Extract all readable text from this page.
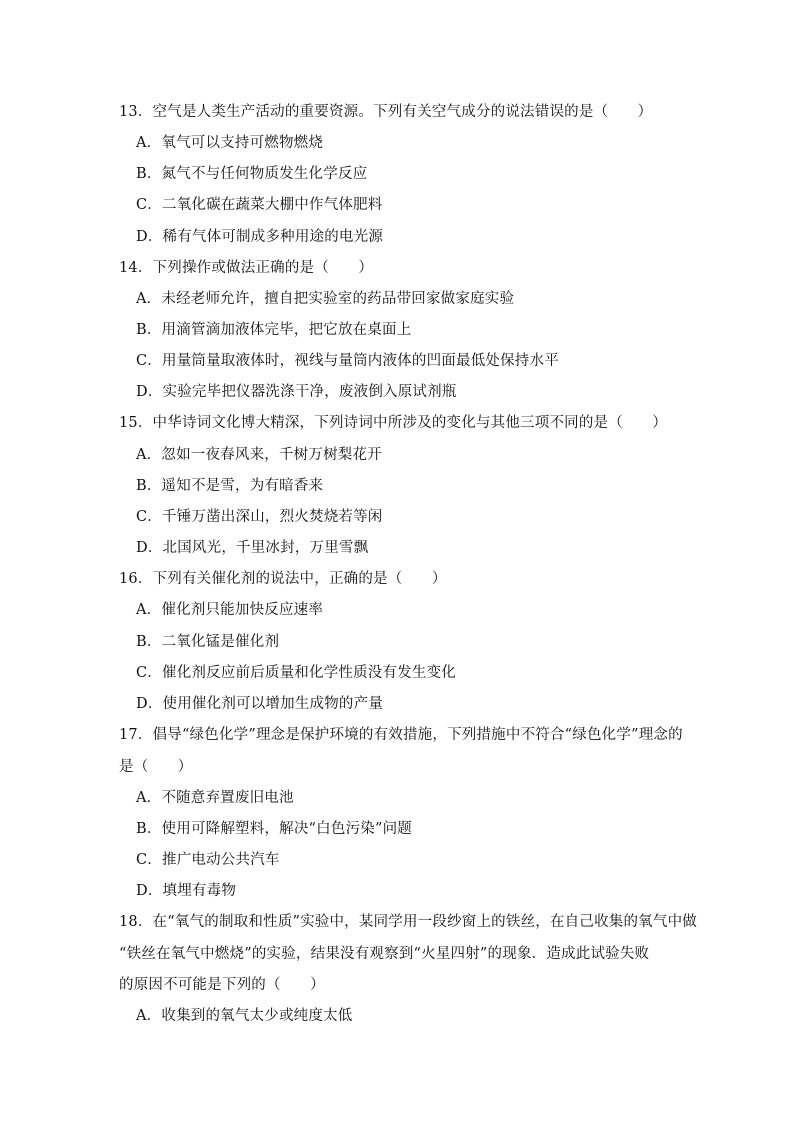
13．空气是人类生产活动的重要资源。下列有关空气成分的说法错误的是（　　）
A．氧气可以支持可燃物燃烧
B．氮气不与任何物质发生化学反应
C．二氧化碳在蔬菜大棚中作气体肥料
D．稀有气体可制成多种用途的电光源
14．下列操作或做法正确的是（　　）
A．未经老师允许，擅自把实验室的药品带回家做家庭实验
B．用滴管滴加液体完毕，把它放在桌面上
C．用量筒量取液体时，视线与量筒内液体的凹面最低处保持水平
D．实验完毕把仪器洗涤干净，废液倒入原试剂瓶
15．中华诗词文化博大精深，下列诗词中所涉及的变化与其他三项不同的是（　　）
A．忽如一夜春风来，千树万树梨花开
B．遥知不是雪，为有暗香来
C．千锤万凿出深山，烈火焚烧若等闲
D．北国风光，千里冰封，万里雪飘
16．下列有关催化剂的说法中，正确的是（　　）
A．催化剂只能加快反应速率
B．二氧化锰是催化剂
C．催化剂反应前后质量和化学性质没有发生变化
D．使用催化剂可以增加生成物的产量
17．倡导“绿色化学”理念是保护环境的有效措施，下列措施中不符合“绿色化学”理念的
是（　　）
A．不随意弃置废旧电池
B．使用可降解塑料，解决“白色污染”问题
C．推广电动公共汽车
D．填埋有毒物
18．在“氧气的制取和性质”实验中，某同学用一段纱窗上的铁丝，在自己收集的氧气中做
“铁丝在氧气中燃烧”的实验，结果没有观察到“火星四射”的现象．造成此试验失败
的原因不可能是下列的（　　）
A．收集到的氧气太少或纯度太低
